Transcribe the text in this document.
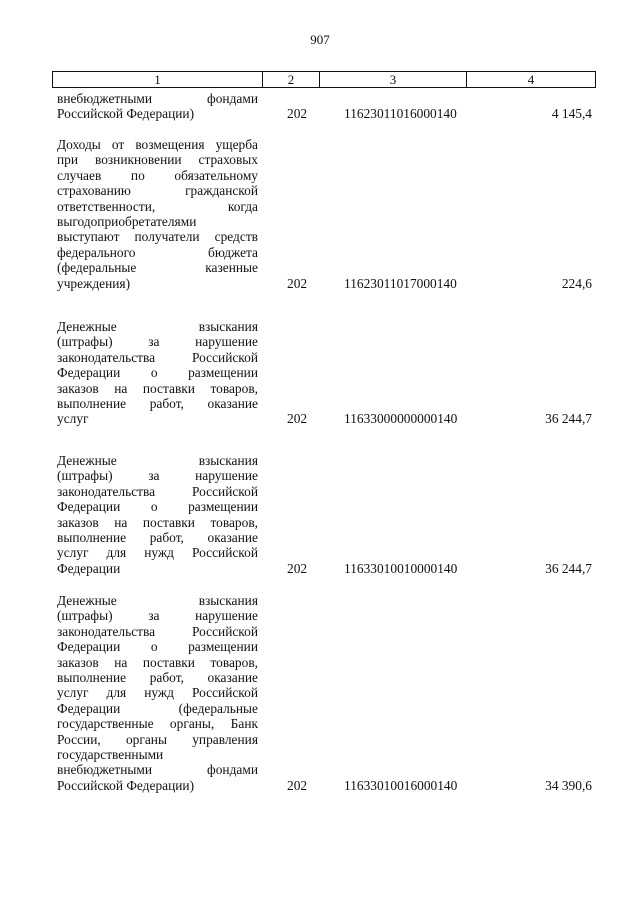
907
1	2	3	4
внебюджетными фондами
Российской Федерации)	202	11623011016000140	4 145,4
Доходы от возмещения ущерба
при возникновении страховых
случаев по обязательному
страхованию гражданской
ответственности, когда
выгодоприобретателями
выступают получатели средств
федерального бюджета
(федеральные казенные
учреждения)	202	11623011017000140	224,6
Денежные взыскания
(штрафы) за нарушение
законодательства Российской
Федерации о размещении
заказов на поставки товаров,
выполнение работ, оказание
услуг	202	11633000000000140	36 244,7
Денежные взыскания
(штрафы) за нарушение
законодательства Российской
Федерации о размещении
заказов на поставки товаров,
выполнение работ, оказание
услуг для нужд Российской
Федерации	202	11633010010000140	36 244,7
Денежные взыскания
(штрафы) за нарушение
законодательства Российской
Федерации о размещении
заказов на поставки товаров,
выполнение работ, оказание
услуг для нужд Российской
Федерации (федеральные
государственные органы, Банк
России, органы управления
государственными
внебюджетными фондами
Российской Федерации)	202	11633010016000140	34 390,6
